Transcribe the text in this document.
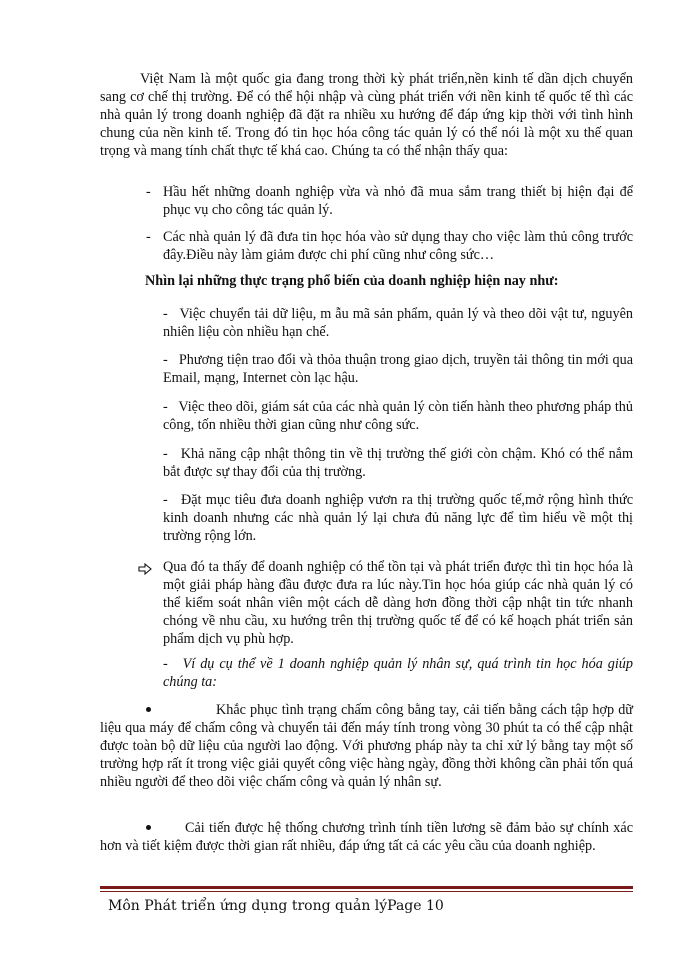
Việt Nam là một quốc gia đang trong thời kỳ phát triển,nền kinh tế dần dịch chuyển sang cơ chế thị trường. Để có thể hội nhập và cùng phát triển với nền kinh tế quốc tế thì các nhà quản lý trong doanh nghiệp đã đặt ra nhiều xu hướng để đáp ứng kịp thời với tình hình chung của nền kinh tế. Trong đó tin học hóa công tác quản lý có thể nói là một xu thế quan trọng và mang tính chất thực tế khá cao. Chúng ta có thể nhận thấy qua:

- Hầu hết những doanh nghiệp vừa và nhỏ đã mua sắm trang thiết bị hiện đại để phục vụ cho công tác quản lý.

- Các nhà quản lý đã đưa tin học hóa vào sử dụng thay cho việc làm thủ công trước đây.Điều này làm giảm được chi phí cũng như công sức…

Nhìn lại những thực trạng phổ biến của doanh nghiệp hiện nay như:

- Việc chuyển tải dữ liệu, m ẫu mã sản phẩm, quản lý và theo dõi vật tư, nguyên nhiên liệu còn nhiều hạn chế.

- Phương tiện trao đổi và thỏa thuận trong giao dịch, truyền tải thông tin mới qua Email, mạng, Internet còn lạc hậu.

- Việc theo dõi, giám sát của các nhà quản lý còn tiến hành theo phương pháp thủ công, tốn nhiều thời gian cũng như công sức.

- Khả năng cập nhật thông tin về thị trường thế giới còn chậm. Khó có thể nắm bắt được sự thay đổi của thị trường.

- Đặt mục tiêu đưa doanh nghiệp vươn ra thị trường quốc tế,mở rộng hình thức kinh doanh nhưng các nhà quản lý lại chưa đủ năng lực để tìm hiểu về một thị trường rộng lớn.

Qua đó ta thấy để doanh nghiệp có thể tồn tại và phát triển được thì tin học hóa là một giải pháp hàng đầu được đưa ra lúc này.Tin học hóa giúp các nhà quản lý có thể kiểm soát nhân viên một cách dễ dàng hơn đồng thời cập nhật tin tức nhanh chóng về nhu cầu, xu hướng trên thị trường quốc tế để có kế hoạch phát triển sản phẩm dịch vụ phù hợp.

- Ví dụ cụ thể về 1 doanh nghiệp quản lý nhân sự, quá trình tin học hóa giúp chúng ta:

Khắc phục tình trạng chấm công bằng tay, cải tiến bằng cách tập hợp dữ liệu qua máy để chấm công và chuyển tải đến máy tính trong vòng 30 phút ta có thể cập nhật được toàn bộ dữ liệu của người lao động. Với phương pháp này ta chỉ xử lý bằng tay một số trường hợp rất ít trong việc giải quyết công việc hàng ngày, đồng thời không cần phải tốn quá nhiều người để theo dõi việc chấm công và quản lý nhân sự.

Cải tiến được hệ thống chương trình tính tiền lương sẽ đảm bảo sự chính xác hơn và tiết kiệm được thời gian rất nhiều, đáp ứng tất cả các yêu cầu của doanh nghiệp.

Môn Phát triển ứng dụng trong quản lýPage 10
